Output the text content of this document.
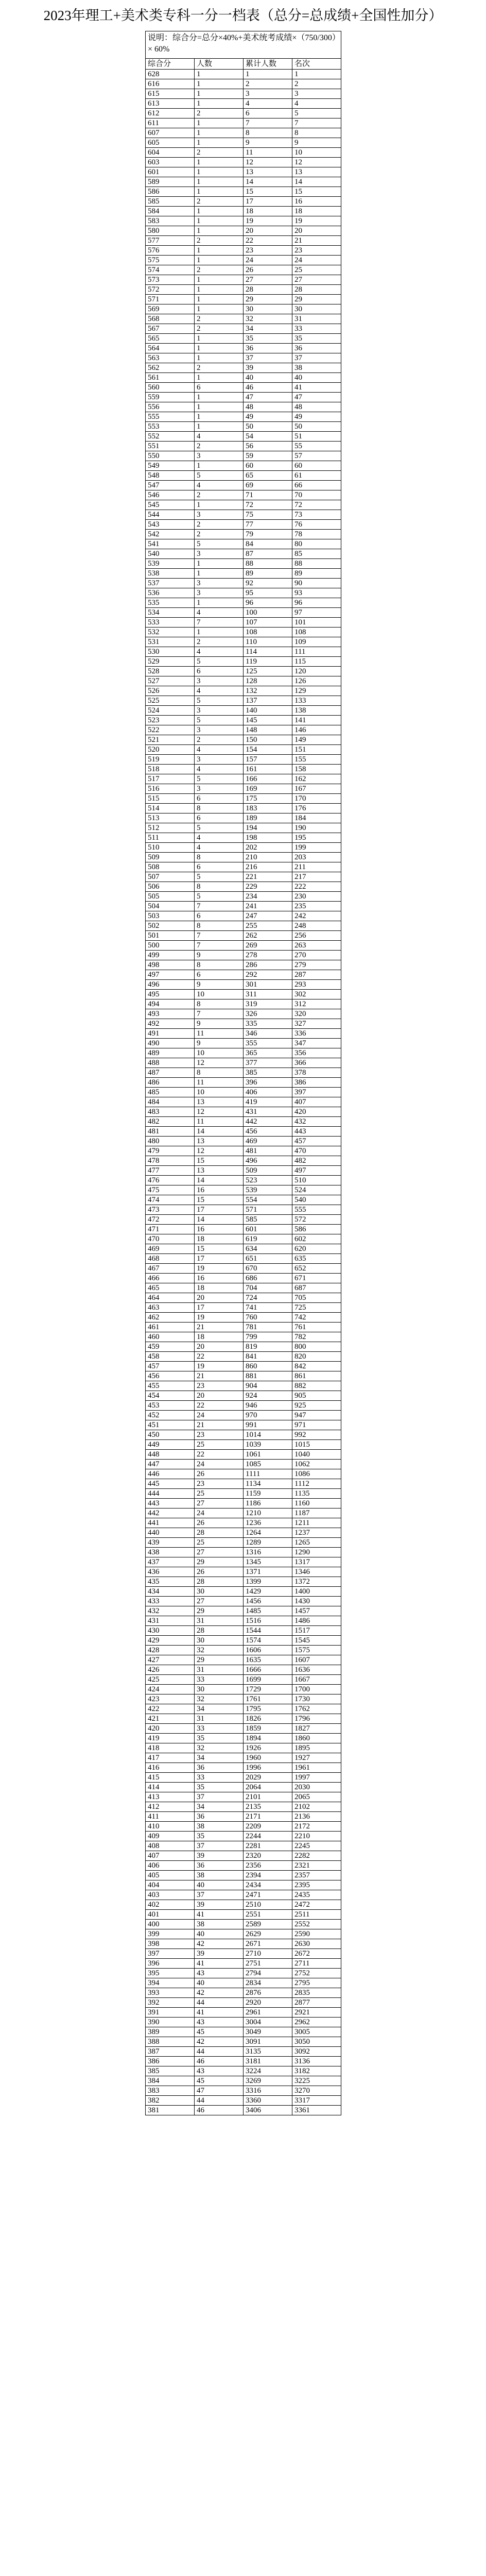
2023年理工+美术类专科一分一档表（总分=总成绩+全国性加分）
说明：综合分=总分×40%+美术统考成绩×（750/300）× 60%			
综合分	人数	累计人数	名次
628	1	1	1
616	1	2	2
615	1	3	3
613	1	4	4
612	2	6	5
611	1	7	7
607	1	8	8
605	1	9	9
604	2	11	10
603	1	12	12
601	1	13	13
589	1	14	14
586	1	15	15
585	2	17	16
584	1	18	18
583	1	19	19
580	1	20	20
577	2	22	21
576	1	23	23
575	1	24	24
574	2	26	25
573	1	27	27
572	1	28	28
571	1	29	29
569	1	30	30
568	2	32	31
567	2	34	33
565	1	35	35
564	1	36	36
563	1	37	37
562	2	39	38
561	1	40	40
560	6	46	41
559	1	47	47
556	1	48	48
555	1	49	49
553	1	50	50
552	4	54	51
551	2	56	55
550	3	59	57
549	1	60	60
548	5	65	61
547	4	69	66
546	2	71	70
545	1	72	72
544	3	75	73
543	2	77	76
542	2	79	78
541	5	84	80
540	3	87	85
539	1	88	88
538	1	89	89
537	3	92	90
536	3	95	93
535	1	96	96
534	4	100	97
533	7	107	101
532	1	108	108
531	2	110	109
530	4	114	111
529	5	119	115
528	6	125	120
527	3	128	126
526	4	132	129
525	5	137	133
524	3	140	138
523	5	145	141
522	3	148	146
521	2	150	149
520	4	154	151
519	3	157	155
518	4	161	158
517	5	166	162
516	3	169	167
515	6	175	170
514	8	183	176
513	6	189	184
512	5	194	190
511	4	198	195
510	4	202	199
509	8	210	203
508	6	216	211
507	5	221	217
506	8	229	222
505	5	234	230
504	7	241	235
503	6	247	242
502	8	255	248
501	7	262	256
500	7	269	263
499	9	278	270
498	8	286	279
497	6	292	287
496	9	301	293
495	10	311	302
494	8	319	312
493	7	326	320
492	9	335	327
491	11	346	336
490	9	355	347
489	10	365	356
488	12	377	366
487	8	385	378
486	11	396	386
485	10	406	397
484	13	419	407
483	12	431	420
482	11	442	432
481	14	456	443
480	13	469	457
479	12	481	470
478	15	496	482
477	13	509	497
476	14	523	510
475	16	539	524
474	15	554	540
473	17	571	555
472	14	585	572
471	16	601	586
470	18	619	602
469	15	634	620
468	17	651	635
467	19	670	652
466	16	686	671
465	18	704	687
464	20	724	705
463	17	741	725
462	19	760	742
461	21	781	761
460	18	799	782
459	20	819	800
458	22	841	820
457	19	860	842
456	21	881	861
455	23	904	882
454	20	924	905
453	22	946	925
452	24	970	947
451	21	991	971
450	23	1014	992
449	25	1039	1015
448	22	1061	1040
447	24	1085	1062
446	26	1111	1086
445	23	1134	1112
444	25	1159	1135
443	27	1186	1160
442	24	1210	1187
441	26	1236	1211
440	28	1264	1237
439	25	1289	1265
438	27	1316	1290
437	29	1345	1317
436	26	1371	1346
435	28	1399	1372
434	30	1429	1400
433	27	1456	1430
432	29	1485	1457
431	31	1516	1486
430	28	1544	1517
429	30	1574	1545
428	32	1606	1575
427	29	1635	1607
426	31	1666	1636
425	33	1699	1667
424	30	1729	1700
423	32	1761	1730
422	34	1795	1762
421	31	1826	1796
420	33	1859	1827
419	35	1894	1860
418	32	1926	1895
417	34	1960	1927
416	36	1996	1961
415	33	2029	1997
414	35	2064	2030
413	37	2101	2065
412	34	2135	2102
411	36	2171	2136
410	38	2209	2172
409	35	2244	2210
408	37	2281	2245
407	39	2320	2282
406	36	2356	2321
405	38	2394	2357
404	40	2434	2395
403	37	2471	2435
402	39	2510	2472
401	41	2551	2511
400	38	2589	2552
399	40	2629	2590
398	42	2671	2630
397	39	2710	2672
396	41	2751	2711
395	43	2794	2752
394	40	2834	2795
393	42	2876	2835
392	44	2920	2877
391	41	2961	2921
390	43	3004	2962
389	45	3049	3005
388	42	3091	3050
387	44	3135	3092
386	46	3181	3136
385	43	3224	3182
384	45	3269	3225
383	47	3316	3270
382	44	3360	3317
381	46	3406	3361
